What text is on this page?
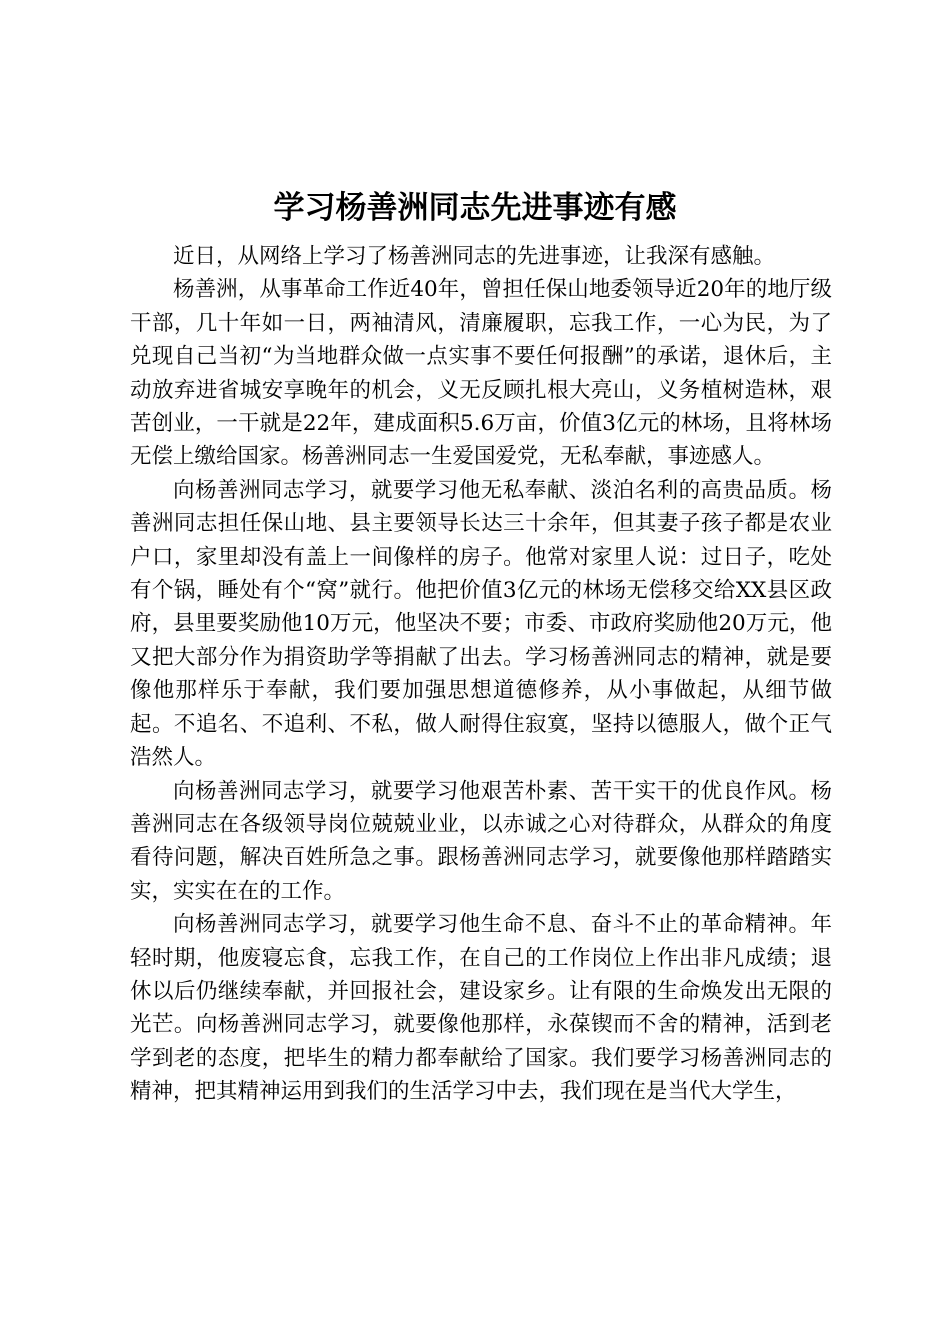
学习杨善洲同志先进事迹有感

近日，从网络上学习了杨善洲同志的先进事迹，让我深有感触。

杨善洲，从事革命工作近40年，曾担任保山地委领导近20年的地厅级干部，几十年如一日，两袖清风，清廉履职，忘我工作，一心为民，为了兑现自己当初“为当地群众做一点实事不要任何报酬”的承诺，退休后，主动放弃进省城安享晚年的机会，义无反顾扎根大亮山，义务植树造林，艰苦创业，一干就是22年，建成面积5.6万亩，价值3亿元的林场，且将林场无偿上缴给国家。杨善洲同志一生爱国爱党，无私奉献，事迹感人。

向杨善洲同志学习，就要学习他无私奉献、淡泊名利的高贵品质。杨善洲同志担任保山地、县主要领导长达三十余年，但其妻子孩子都是农业户口，家里却没有盖上一间像样的房子。他常对家里人说：过日子，吃处有个锅，睡处有个“窝”就行。他把价值3亿元的林场无偿移交给XX县区政府，县里要奖励他10万元，他坚决不要；市委、市政府奖励他20万元，他又把大部分作为捐资助学等捐献了出去。学习杨善洲同志的精神，就是要像他那样乐于奉献，我们要加强思想道德修养，从小事做起，从细节做起。不追名、不追利、不私，做人耐得住寂寞，坚持以德服人，做个正气浩然人。

向杨善洲同志学习，就要学习他艰苦朴素、苦干实干的优良作风。杨善洲同志在各级领导岗位兢兢业业，以赤诚之心对待群众，从群众的角度看待问题，解决百姓所急之事。跟杨善洲同志学习，就要像他那样踏踏实实，实实在在的工作。

向杨善洲同志学习，就要学习他生命不息、奋斗不止的革命精神。年轻时期，他废寝忘食，忘我工作，在自己的工作岗位上作出非凡成绩；退休以后仍继续奉献，并回报社会，建设家乡。让有限的生命焕发出无限的光芒。向杨善洲同志学习，就要像他那样，永葆锲而不舍的精神，活到老学到老的态度，把毕生的精力都奉献给了国家。我们要学习杨善洲同志的精神，把其精神运用到我们的生活学习中去，我们现在是当代大学生，
